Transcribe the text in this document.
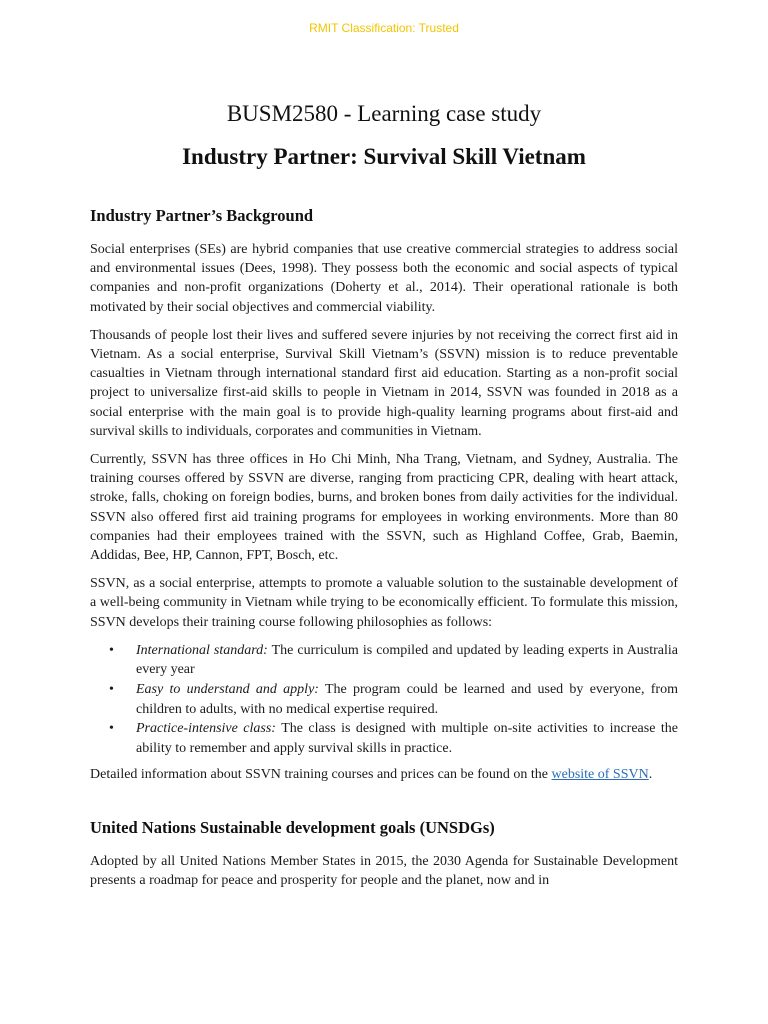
RMIT Classification: Trusted
BUSM2580 - Learning case study
Industry Partner: Survival Skill Vietnam
Industry Partner’s Background

Social enterprises (SEs) are hybrid companies that use creative commercial strategies to address social and environmental issues (Dees, 1998). They possess both the economic and social aspects of typical companies and non-profit organizations (Doherty et al., 2014). Their operational rationale is both motivated by their social objectives and commercial viability.

Thousands of people lost their lives and suffered severe injuries by not receiving the correct first aid in Vietnam. As a social enterprise, Survival Skill Vietnam’s (SSVN) mission is to reduce preventable casualties in Vietnam through international standard first aid education. Starting as a non-profit social project to universalize first-aid skills to people in Vietnam in 2014, SSVN was founded in 2018 as a social enterprise with the main goal is to provide high-quality learning programs about first-aid and survival skills to individuals, corporates and communities in Vietnam.

Currently, SSVN has three offices in Ho Chi Minh, Nha Trang, Vietnam, and Sydney, Australia. The training courses offered by SSVN are diverse, ranging from practicing CPR, dealing with heart attack, stroke, falls, choking on foreign bodies, burns, and broken bones from daily activities for the individual. SSVN also offered first aid training programs for employees in working environments. More than 80 companies had their employees trained with the SSVN, such as Highland Coffee, Grab, Baemin, Addidas, Bee, HP, Cannon, FPT, Bosch, etc.

SSVN, as a social enterprise, attempts to promote a valuable solution to the sustainable development of a well-being community in Vietnam while trying to be economically efficient. To formulate this mission, SSVN develops their training course following philosophies as follows:

• International standard: The curriculum is compiled and updated by leading experts in Australia every year
• Easy to understand and apply: The program could be learned and used by everyone, from children to adults, with no medical expertise required.
• Practice-intensive class: The class is designed with multiple on-site activities to increase the ability to remember and apply survival skills in practice.

Detailed information about SSVN training courses and prices can be found on the website of SSVN.

United Nations Sustainable development goals (UNSDGs)

Adopted by all United Nations Member States in 2015, the 2030 Agenda for Sustainable Development presents a roadmap for peace and prosperity for people and the planet, now and in
